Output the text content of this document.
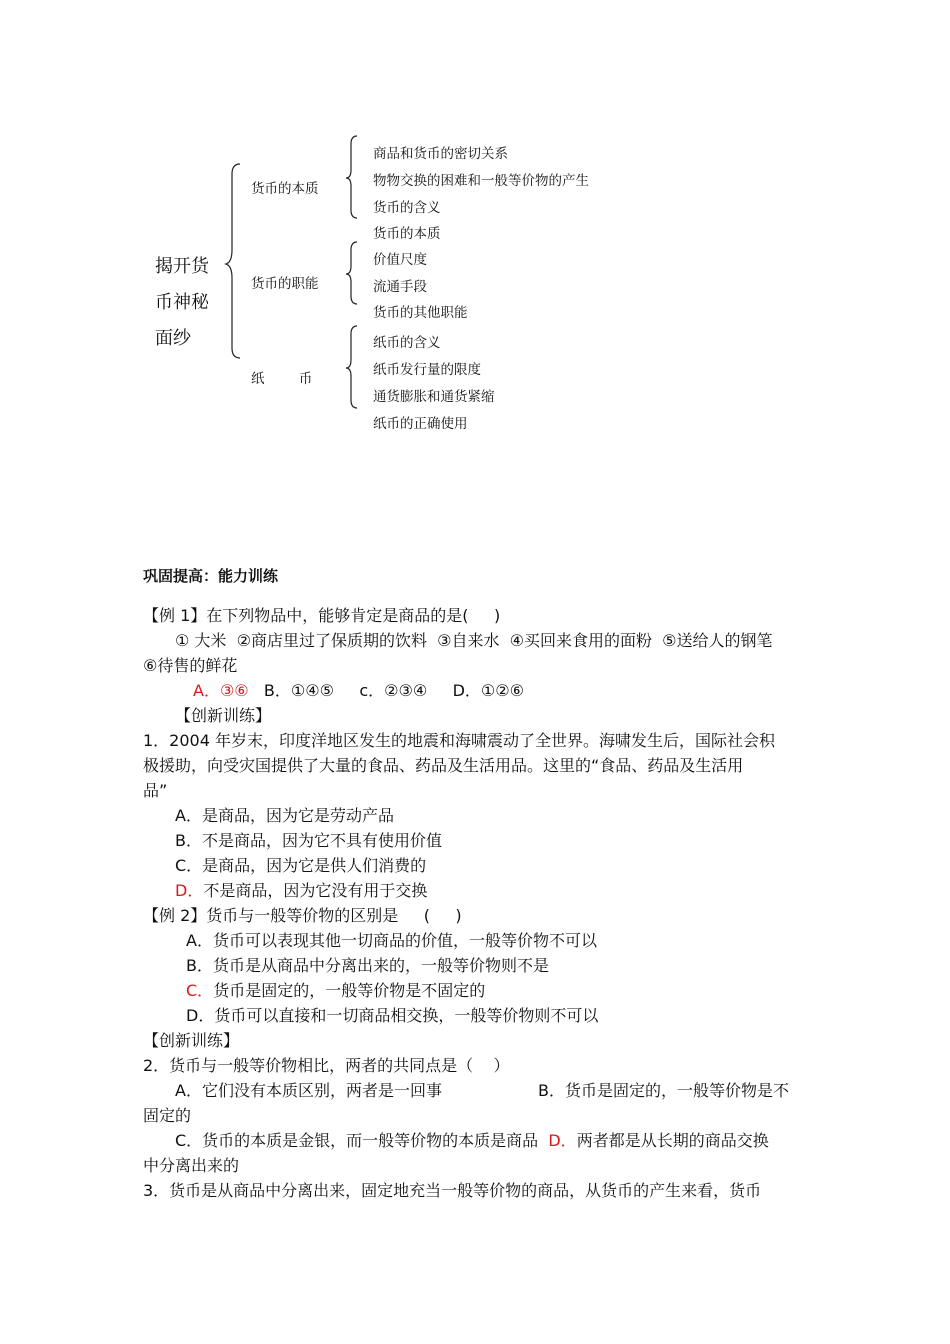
揭开货
币神秘
面纱
货币的本质
货币的职能
纸        币
商品和货币的密切关系
物物交换的困难和一般等价物的产生
货币的含义
货币的本质
价值尺度
流通手段
货币的其他职能
纸币的含义
纸币发行量的限度
通货膨胀和通货紧缩
纸币的正确使用
巩固提高：能力训练
【例 1】在下列物品中，能够肯定是商品的是(     )
① 大米  ②商店里过了保质期的饮料  ③自来水  ④买回来食用的面粉  ⑤送给人的钢笔
⑥待售的鲜花
A．③⑥ B．①④⑤     c．②③④     D．①②⑥
【创新训练】
1．2004 年岁末，印度洋地区发生的地震和海啸震动了全世界。海啸发生后，国际社会积
极援助，向受灾国提供了大量的食品、药品及生活用品。这里的“食品、药品及生活用
品”
A．是商品，因为它是劳动产品
B．不是商品，因为它不具有使用价值
C．是商品，因为它是供人们消费的
D．不是商品，因为它没有用于交换
【例 2】货币与一般等价物的区别是     (     )
A．货币可以表现其他一切商品的价值，一般等价物不可以
B．货币是从商品中分离出来的，一般等价物则不是
C．货币是固定的，一般等价物是不固定的
D．货币可以直接和一切商品相交换，一般等价物则不可以
【创新训练】
2．货币与一般等价物相比，两者的共同点是（    ）
A．它们没有本质区别，两者是一回事	B．货币是固定的，一般等价物是不
固定的
C．货币的本质是金银，而一般等价物的本质是商品 D．两者都是从长期的商品交换
中分离出来的
3．货币是从商品中分离出来，固定地充当一般等价物的商品，从货币的产生来看，货币
